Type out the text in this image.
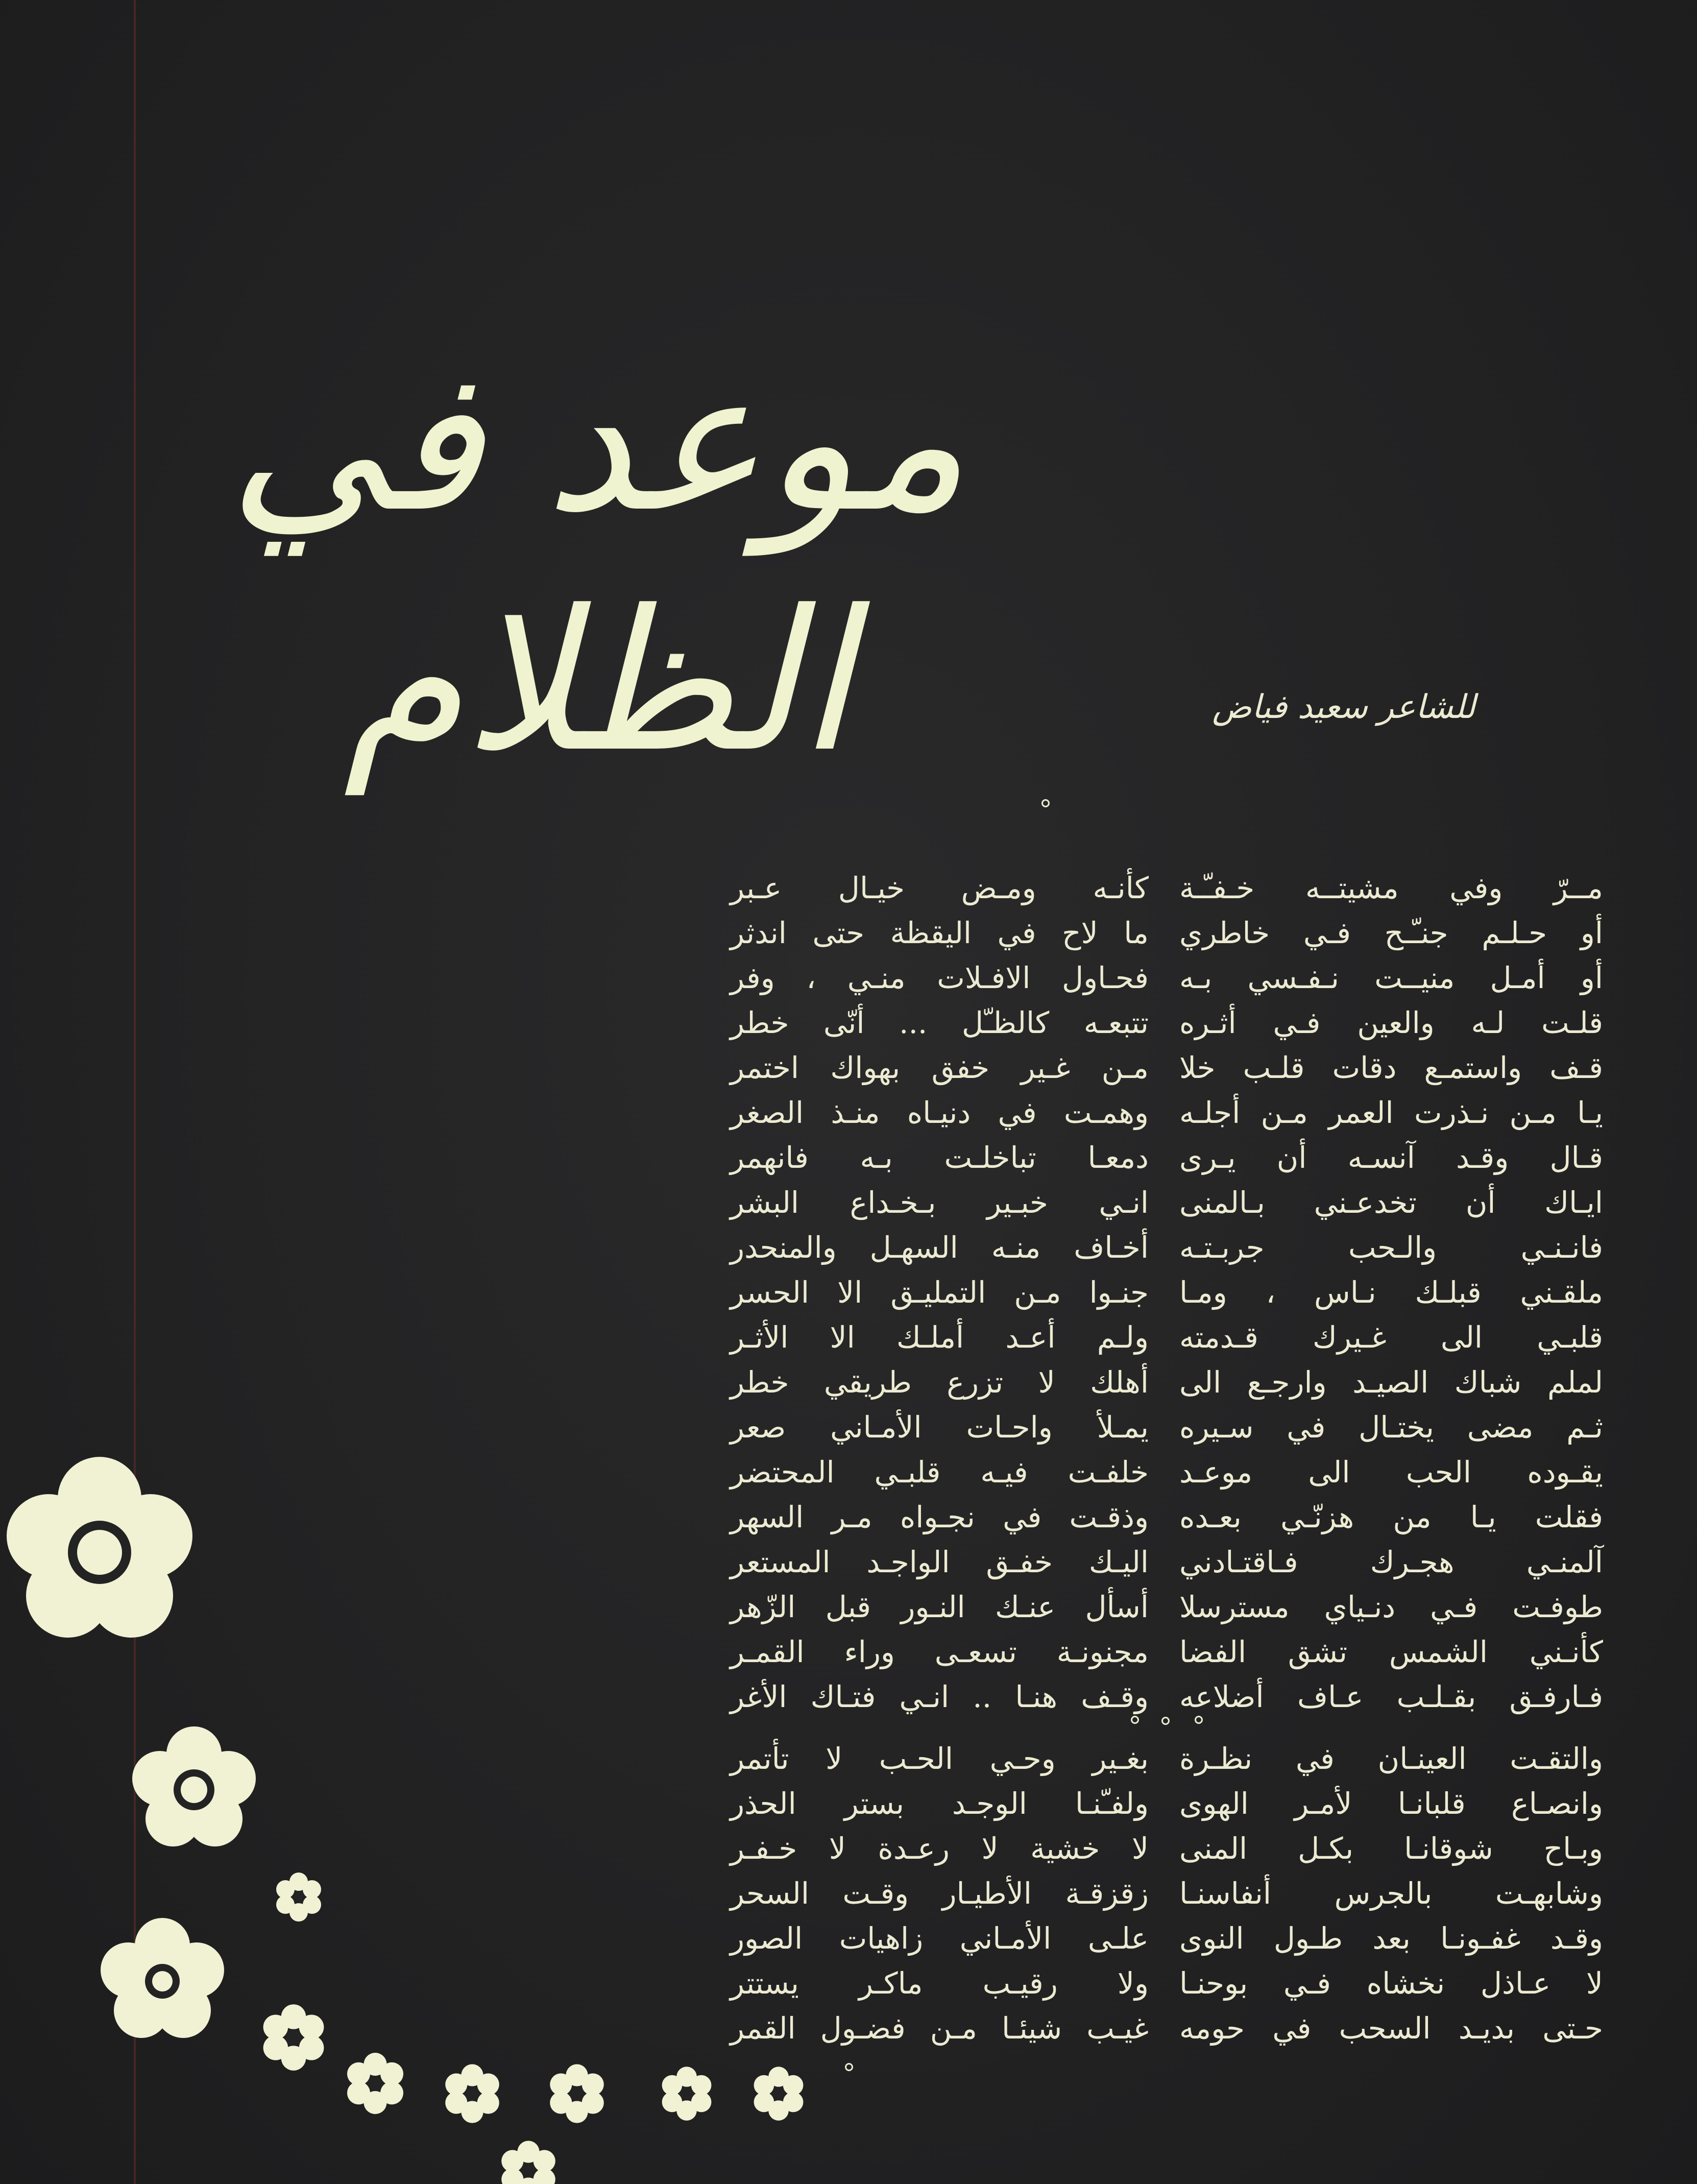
موعد في الظلام	للشاعر سعيد فياض
مــرّ وفي مشيتــه خـفـّـة
أو حـلـم جنـّـح فـي خاطري
أو أمـل منيــت نـفـسي بـه
قلـت لـه والعين فـي أثـره
قـف واستمـع دقات قلـب خلا
يـا مـن نـذرت العمر مـن أجلـه
قـال وقـد آنسـه أن يـرى
ايـاك أن تخدعـني بـالمنى
فانـنـي والـحب جربـتـه
ملقـني قبلـك نـاس ، ومـا
قلبـي الى غـيرك قـدمته
لملم شباك الصيـد وارجـع الى
ثـم مضى يختـال في سـيره
يقـوده الحب الى موعـد
فقلت يـا من هزنّـي بعـده
آلمنـي هجـرك فـاقتـادني
طوفـت فـي دنـياي مسترسلا
كأنـني الشمس تشق الفضا
فـارفـق بقـلـب عـاف أضلاعه
كأنـه ومـض خيـال عـبر
ما لاح في اليقظة حتى اندثر
فحـاول الافـلات منـي ، وفر
تتبعـه كالظـّل ... أنّى خطر
مـن غـير خفق بهواك اختمر
وهمـت في دنيـاه منـذ الصغر
دمعـا تباخلـت بـه فانهمر
انـي خبـير بـخـداع البشر
أخـاف منـه السهـل والمنحدر
جنـوا مـن التمليـق الا الحسر
ولـم أعـد أملـك الا الأثـر
أهلك لا تزرع طريقي خطر
يمـلأ واحـات الأمـاني صعر
خلفـت فيـه قلبـي المحتضر
وذقـت في نجـواه مـر السهر
اليـك خفـق الواجـد المستعر
أسأل عنـك النـور قبل الزّهر
مجنونـة تسعـى وراء القمـر
وقـف هنـا .. انـي فتـاك الأغر
والتقـت العينـان في نظـرة
وانصـاع قلبانـا لأمـر الهوى
وبـاح شوقانـا بكـل المنى
وشابهـت بالجرس أنفاسنـا
وقـد غفـونـا بعد طـول النوى
لا عـاذل نخشاه فـي بوحنـا
حـتى بديـد السحب في حومه
بغـير وحـي الحـب لا تأتمر
ولفـّنـا الوجـد بستر الحذر
لا خشية لا رعـدة لا خـفـر
زقزقـة الأطيـار وقـت السحر
علـى الأمـاني زاهيات الصور
ولا رقيـب ماكـر يستتر
غيـب شيئـا مـن فضـول القمر
